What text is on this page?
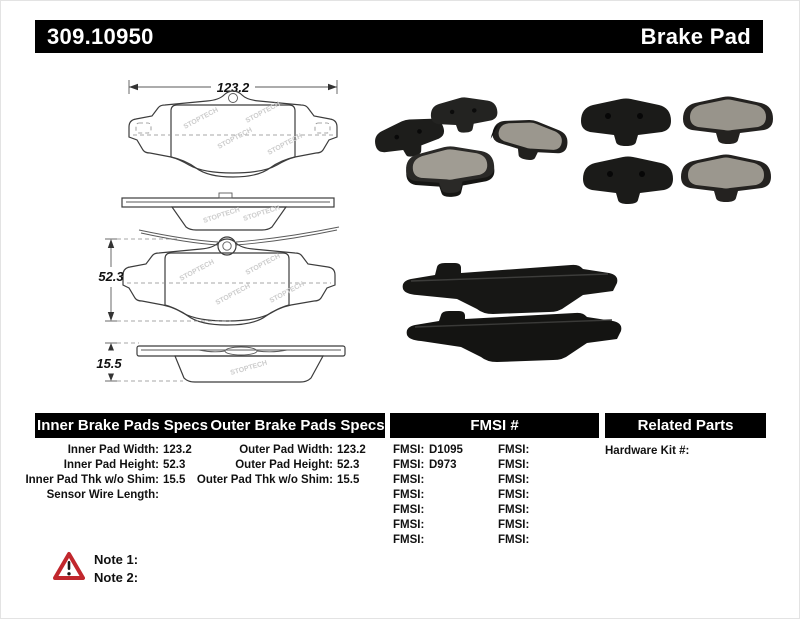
309.10950	Brake Pad
123.2
STOPTECH
STOPTECH
STOPTECH
STOPTECH
STOPTECH STOPTECH
52.3	STOPTECH
STOPTECH
STOPTECH
STOPTECH
15.5	STOPTECH
Inner Brake Pads Specs Outer Brake Pads Specs	FMSI #	Related Parts
Inner Pad Width: 123.2
Inner Pad Height: 52.3
Inner Pad Thk w/o Shim: 15.5
Sensor Wire Length:
Outer Pad Width: 123.2
Outer Pad Height: 52.3
Outer Pad Thk w/o Shim: 15.5
FMSI: D1095
FMSI: D973
FMSI:
FMSI:
FMSI:
FMSI:
FMSI:
FMSI:
FMSI:
FMSI:
FMSI:
FMSI:
FMSI:
FMSI:
Hardware Kit #:
Note 1:
Note 2:
